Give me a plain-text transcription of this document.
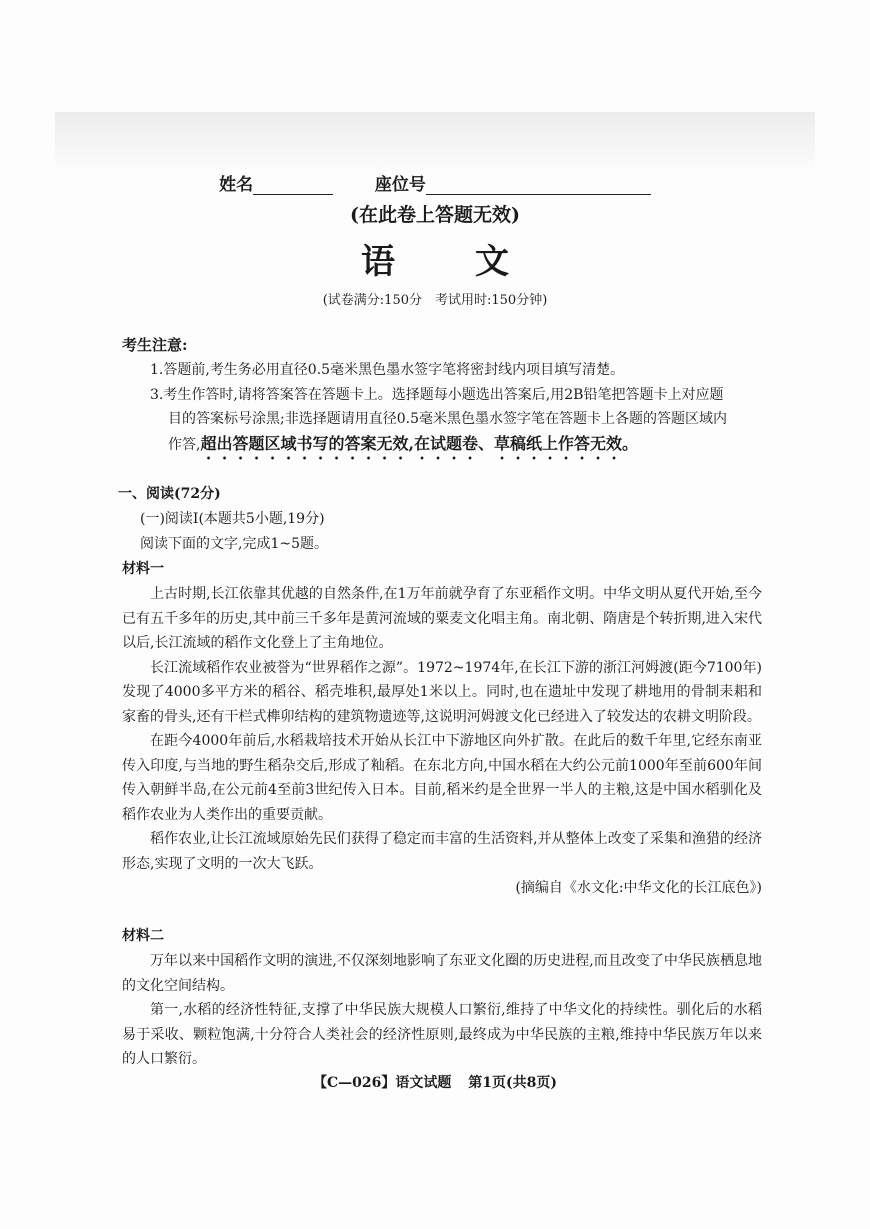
姓名	座位号
(在此卷上答题无效)
语文
(试卷满分:150分　考试用时:150分钟)
考生注意:
1.答题前,考生务必用直径0.5毫米黑色墨水签字笔将密封线内项目填写清楚。
3.考生作答时,请将答案答在答题卡上。选择题每小题选出答案后,用2B铅笔把答题卡上对应题
目的答案标号涂黑;非选择题请用直径0.5毫米黑色墨水签字笔在答题卡上各题的答题区域内
作答,超出答题区域书写的答案无效,在试题卷、草稿纸上作答无效。
一、阅读(72分)
(一)阅读Ⅰ(本题共5小题,19分)
阅读下面的文字,完成1~5题。
材料一
上古时期,长江依靠其优越的自然条件,在1万年前就孕育了东亚稻作文明。中华文明从夏代开始,至今已有五千多年的历史,其中前三千多年是黄河流域的粟麦文化唱主角。南北朝、隋唐是个转折期,进入宋代以后,长江流域的稻作文化登上了主角地位。
长江流域稻作农业被誉为“世界稻作之源”。1972~1974年,在长江下游的浙江河姆渡(距今7100年)发现了4000多平方米的稻谷、稻壳堆积,最厚处1米以上。同时,也在遗址中发现了耕地用的骨制耒耜和家畜的骨头,还有干栏式榫卯结构的建筑物遗迹等,这说明河姆渡文化已经进入了较发达的农耕文明阶段。
在距今4000年前后,水稻栽培技术开始从长江中下游地区向外扩散。在此后的数千年里,它经东南亚传入印度,与当地的野生稻杂交后,形成了籼稻。在东北方向,中国水稻在大约公元前1000年至前600年间传入朝鲜半岛,在公元前4至前3世纪传入日本。目前,稻米约是全世界一半人的主粮,这是中国水稻驯化及稻作农业为人类作出的重要贡献。
稻作农业,让长江流域原始先民们获得了稳定而丰富的生活资料,并从整体上改变了采集和渔猎的经济形态,实现了文明的一次大飞跃。
(摘编自《水文化:中华文化的长江底色》)
材料二
万年以来中国稻作文明的演进,不仅深刻地影响了东亚文化圈的历史进程,而且改变了中华民族栖息地的文化空间结构。
第一,水稻的经济性特征,支撑了中华民族大规模人口繁衍,维持了中华文化的持续性。驯化后的水稻易于采收、颗粒饱满,十分符合人类社会的经济性原则,最终成为中华民族的主粮,维持中华民族万年以来的人口繁衍。
【C—026】语文试题 第1页(共8页)
